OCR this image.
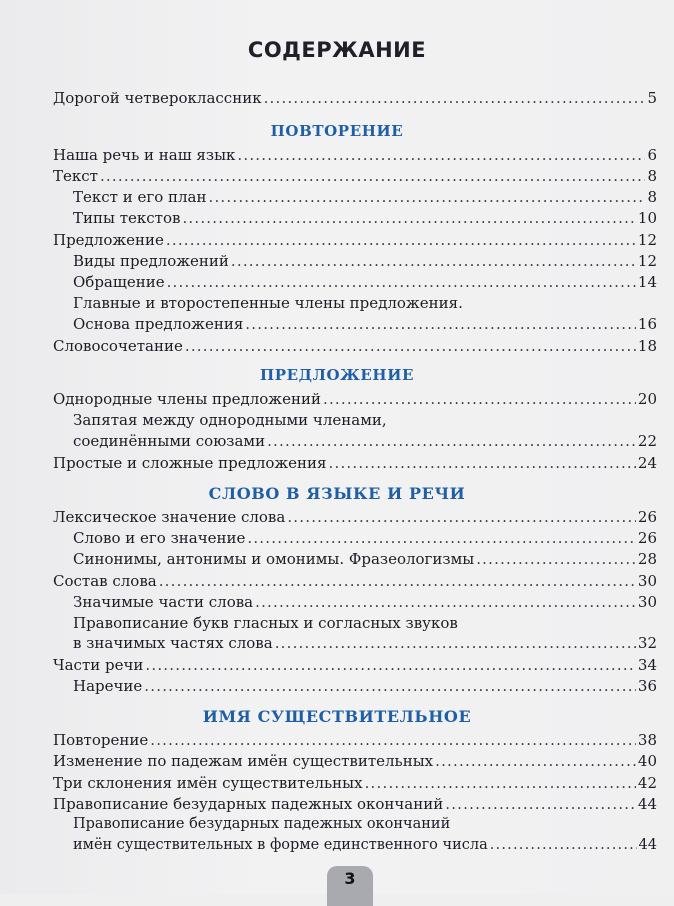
СОДЕРЖАНИЕ
Дорогой четвероклассник .....	5
ПОВТОРЕНИЕ
Наша речь и наш язык .....	6
Текст .....	8
Текст и его план .....	8
Типы текстов .....	10
Предложение .....	12
Виды предложений .....	12
Обращение .....	14
Главные и второстепенные члены предложения.
Основа предложения .....	16
Словосочетание .....	18
ПРЕДЛОЖЕНИЕ
Однородные члены предложений .....	20
Запятая между однородными членами,
соединёнными союзами .....	22
Простые и сложные предложения .....	24
СЛОВО В ЯЗЫКЕ И РЕЧИ
Лексическое значение слова .....	26
Слово и его значение .....	26
Синонимы, антонимы и омонимы. Фразеологизмы .....	28
Состав слова .....	30
Значимые части слова .....	30
Правописание букв гласных и согласных звуков
в значимых частях слова .....	32
Части речи .....	34
Наречие .....	36
ИМЯ СУЩЕСТВИТЕЛЬНОЕ
Повторение .....	38
Изменение по падежам имён существительных .....	40
Три склонения имён существительных .....	42
Правописание безударных падежных окончаний .....	44
Правописание безударных падежных окончаний
имён существительных в форме единственного числа .....	44
3
